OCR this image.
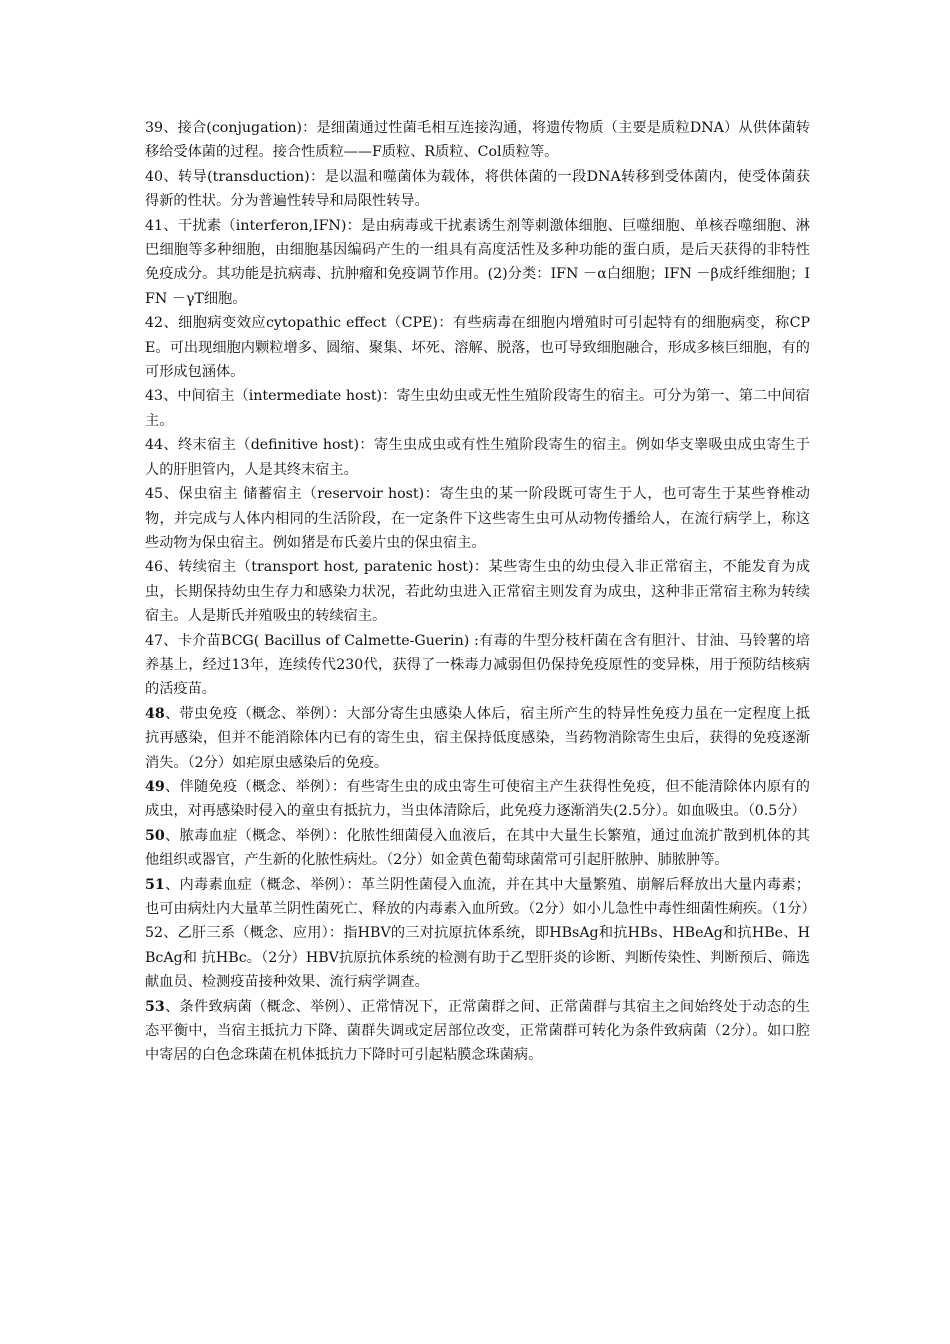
39、接合(conjugation)：是细菌通过性菌毛相互连接沟通，将遗传物质（主要是质粒DNA）从供体菌转移给受体菌的过程。接合性质粒——F质粒、R质粒、Col质粒等。

40、转导(transduction)：是以温和噬菌体为载体，将供体菌的一段DNA转移到受体菌内，使受体菌获得新的性状。分为普遍性转导和局限性转导。

41、干扰素（interferon,IFN)：是由病毒或干扰素诱生剂等刺激体细胞、巨噬细胞、单核吞噬细胞、淋巴细胞等多种细胞，由细胞基因编码产生的一组具有高度活性及多种功能的蛋白质，是后天获得的非特性免疫成分。其功能是抗病毒、抗肿瘤和免疫调节作用。(2)分类：IFN －α白细胞；IFN －β成纤维细胞；IFN －γT细胞。

42、细胞病变效应cytopathic effect（CPE)：有些病毒在细胞内增殖时可引起特有的细胞病变，称CPE。可出现细胞内颗粒增多、圆缩、聚集、坏死、溶解、脱落，也可导致细胞融合，形成多核巨细胞，有的可形成包涵体。

43、中间宿主（intermediate host)：寄生虫幼虫或无性生殖阶段寄生的宿主。可分为第一、第二中间宿主。

44、终末宿主（definitive host)：寄生虫成虫或有性生殖阶段寄生的宿主。例如华支睾吸虫成虫寄生于人的肝胆管内，人是其终末宿主。

45、保虫宿主 储蓄宿主（reservoir host)：寄生虫的某一阶段既可寄生于人，也可寄生于某些脊椎动物，并完成与人体内相同的生活阶段，在一定条件下这些寄生虫可从动物传播给人，在流行病学上，称这些动物为保虫宿主。例如猪是布氏姜片虫的保虫宿主。

46、转续宿主（transport host, paratenic host)：某些寄生虫的幼虫侵入非正常宿主，不能发育为成虫，长期保持幼虫生存力和感染力状况，若此幼虫进入正常宿主则发育为成虫，这种非正常宿主称为转续宿主。人是斯氏并殖吸虫的转续宿主。

47、卡介苗BCG( Bacillus of Calmette-Guerin) :有毒的牛型分枝杆菌在含有胆汁、甘油、马铃薯的培养基上，经过13年，连续传代230代，获得了一株毒力减弱但仍保持免疫原性的变异株，用于预防结核病的活疫苗。

48、带虫免疫（概念、举例）：大部分寄生虫感染人体后，宿主所产生的特异性免疫力虽在一定程度上抵抗再感染，但并不能消除体内已有的寄生虫，宿主保持低度感染，当药物消除寄生虫后，获得的免疫逐渐消失。（2分）如疟原虫感染后的免疫。

49、伴随免疫（概念、举例）：有些寄生虫的成虫寄生可使宿主产生获得性免疫，但不能清除体内原有的成虫，对再感染时侵入的童虫有抵抗力，当虫体清除后，此免疫力逐渐消失(2.5分）。如血吸虫。（0.5分）

50、脓毒血症（概念、举例）：化脓性细菌侵入血液后，在其中大量生长繁殖，通过血流扩散到机体的其他组织或器官，产生新的化脓性病灶。（2分）如金黄色葡萄球菌常可引起肝脓肿、肺脓肿等。

51、内毒素血症（概念、举例）：革兰阴性菌侵入血流，并在其中大量繁殖、崩解后释放出大量内毒素；也可由病灶内大量革兰阴性菌死亡、释放的内毒素入血所致。（2分）如小儿急性中毒性细菌性痢疾。（1分）

52、乙肝三系（概念、应用）：指HBV的三对抗原抗体系统，即HBsAg和抗HBs、HBeAg和抗HBe、HBcAg和 抗HBc。（2分）HBV抗原抗体系统的检测有助于乙型肝炎的诊断、判断传染性、判断预后、筛选献血员、检测疫苗接种效果、流行病学调查。

53、条件致病菌（概念、举例）、正常情况下，正常菌群之间、正常菌群与其宿主之间始终处于动态的生态平衡中，当宿主抵抗力下降、菌群失调或定居部位改变，正常菌群可转化为条件致病菌（2分）。如口腔中寄居的白色念珠菌在机体抵抗力下降时可引起粘膜念珠菌病。
